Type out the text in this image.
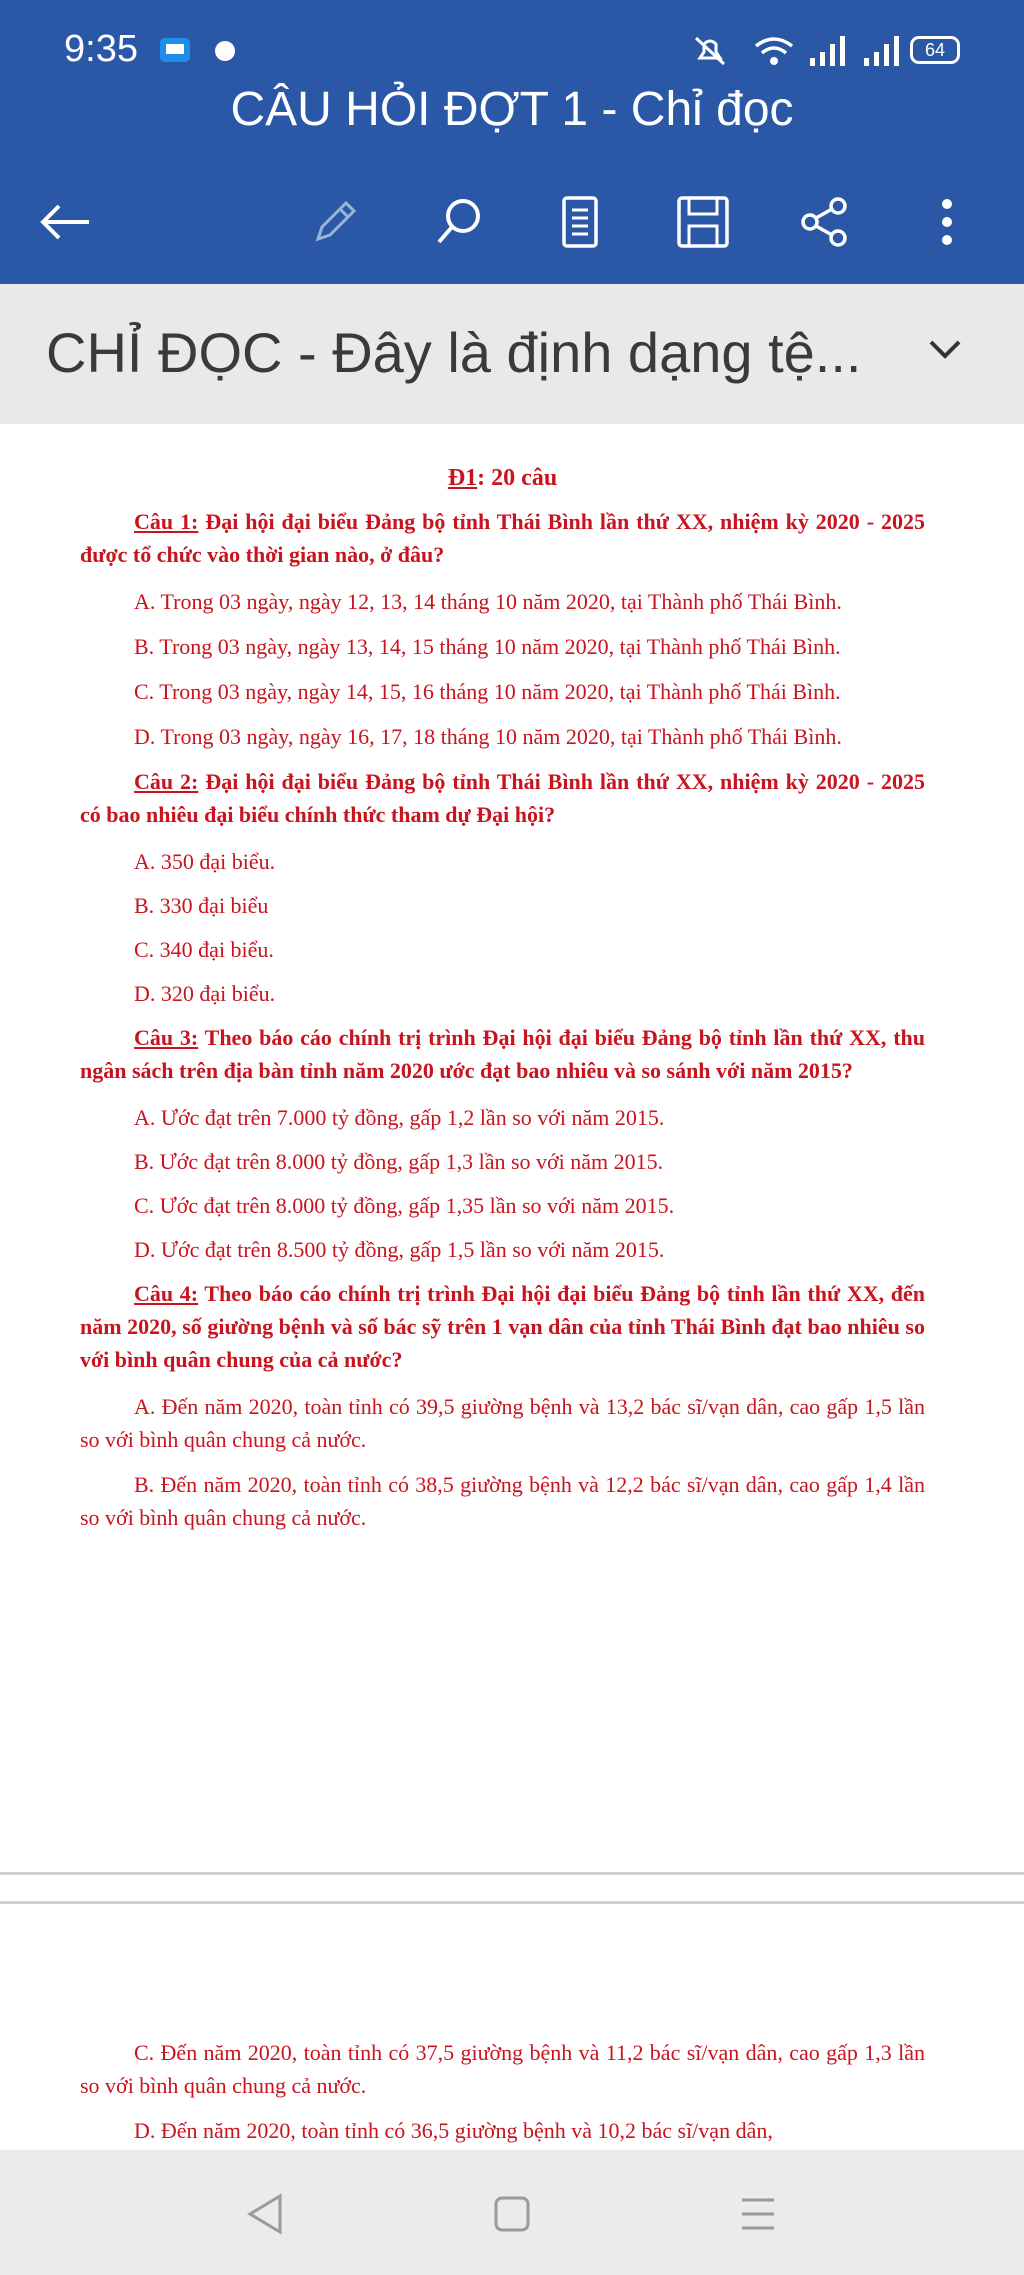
9:35	64
CÂU HỎI ĐỢT 1 - Chỉ đọc
CHỈ ĐỌC - Đây là định dạng tệ...

Đ1: 20 câu

Câu 1: Đại hội đại biểu Đảng bộ tỉnh Thái Bình lần thứ XX, nhiệm kỳ 2020 - 2025 được tổ chức vào thời gian nào, ở đâu?

A. Trong 03 ngày, ngày 12, 13, 14 tháng 10 năm 2020, tại Thành phố Thái Bình.

B. Trong 03 ngày, ngày 13, 14, 15 tháng 10 năm 2020, tại Thành phố Thái Bình.

C. Trong 03 ngày, ngày 14, 15, 16 tháng 10 năm 2020, tại Thành phố Thái Bình.

D. Trong 03 ngày, ngày 16, 17, 18 tháng 10 năm 2020, tại Thành phố Thái Bình.

Câu 2: Đại hội đại biểu Đảng bộ tỉnh Thái Bình lần thứ XX, nhiệm kỳ 2020 - 2025 có bao nhiêu đại biểu chính thức tham dự Đại hội?

A. 350 đại biểu.

B. 330 đại biểu

C. 340 đại biểu.

D. 320 đại biểu.

Câu 3: Theo báo cáo chính trị trình Đại hội đại biểu Đảng bộ tỉnh lần thứ XX, thu ngân sách trên địa bàn tỉnh năm 2020 ước đạt bao nhiêu và so sánh với năm 2015?

A. Ước đạt trên 7.000 tỷ đồng, gấp 1,2 lần so với năm 2015.

B. Ước đạt trên 8.000 tỷ đồng, gấp 1,3 lần so với năm 2015.

C. Ước đạt trên 8.000 tỷ đồng, gấp 1,35 lần so với năm 2015.

D. Ước đạt trên 8.500 tỷ đồng, gấp 1,5 lần so với năm 2015.

Câu 4: Theo báo cáo chính trị trình Đại hội đại biểu Đảng bộ tỉnh lần thứ XX, đến năm 2020, số giường bệnh và số bác sỹ trên 1 vạn dân của tỉnh Thái Bình đạt bao nhiêu so với bình quân chung của cả nước?

A. Đến năm 2020, toàn tỉnh có 39,5 giường bệnh và 13,2 bác sĩ/vạn dân, cao gấp 1,5 lần so với bình quân chung cả nước.

B. Đến năm 2020, toàn tỉnh có 38,5 giường bệnh và 12,2 bác sĩ/vạn dân, cao gấp 1,4 lần so với bình quân chung cả nước.

C. Đến năm 2020, toàn tỉnh có 37,5 giường bệnh và 11,2 bác sĩ/vạn dân, cao gấp 1,3 lần so với bình quân chung cả nước.

D. Đến năm 2020, toàn tỉnh có 36,5 giường bệnh và 10,2 bác sĩ/vạn dân,
